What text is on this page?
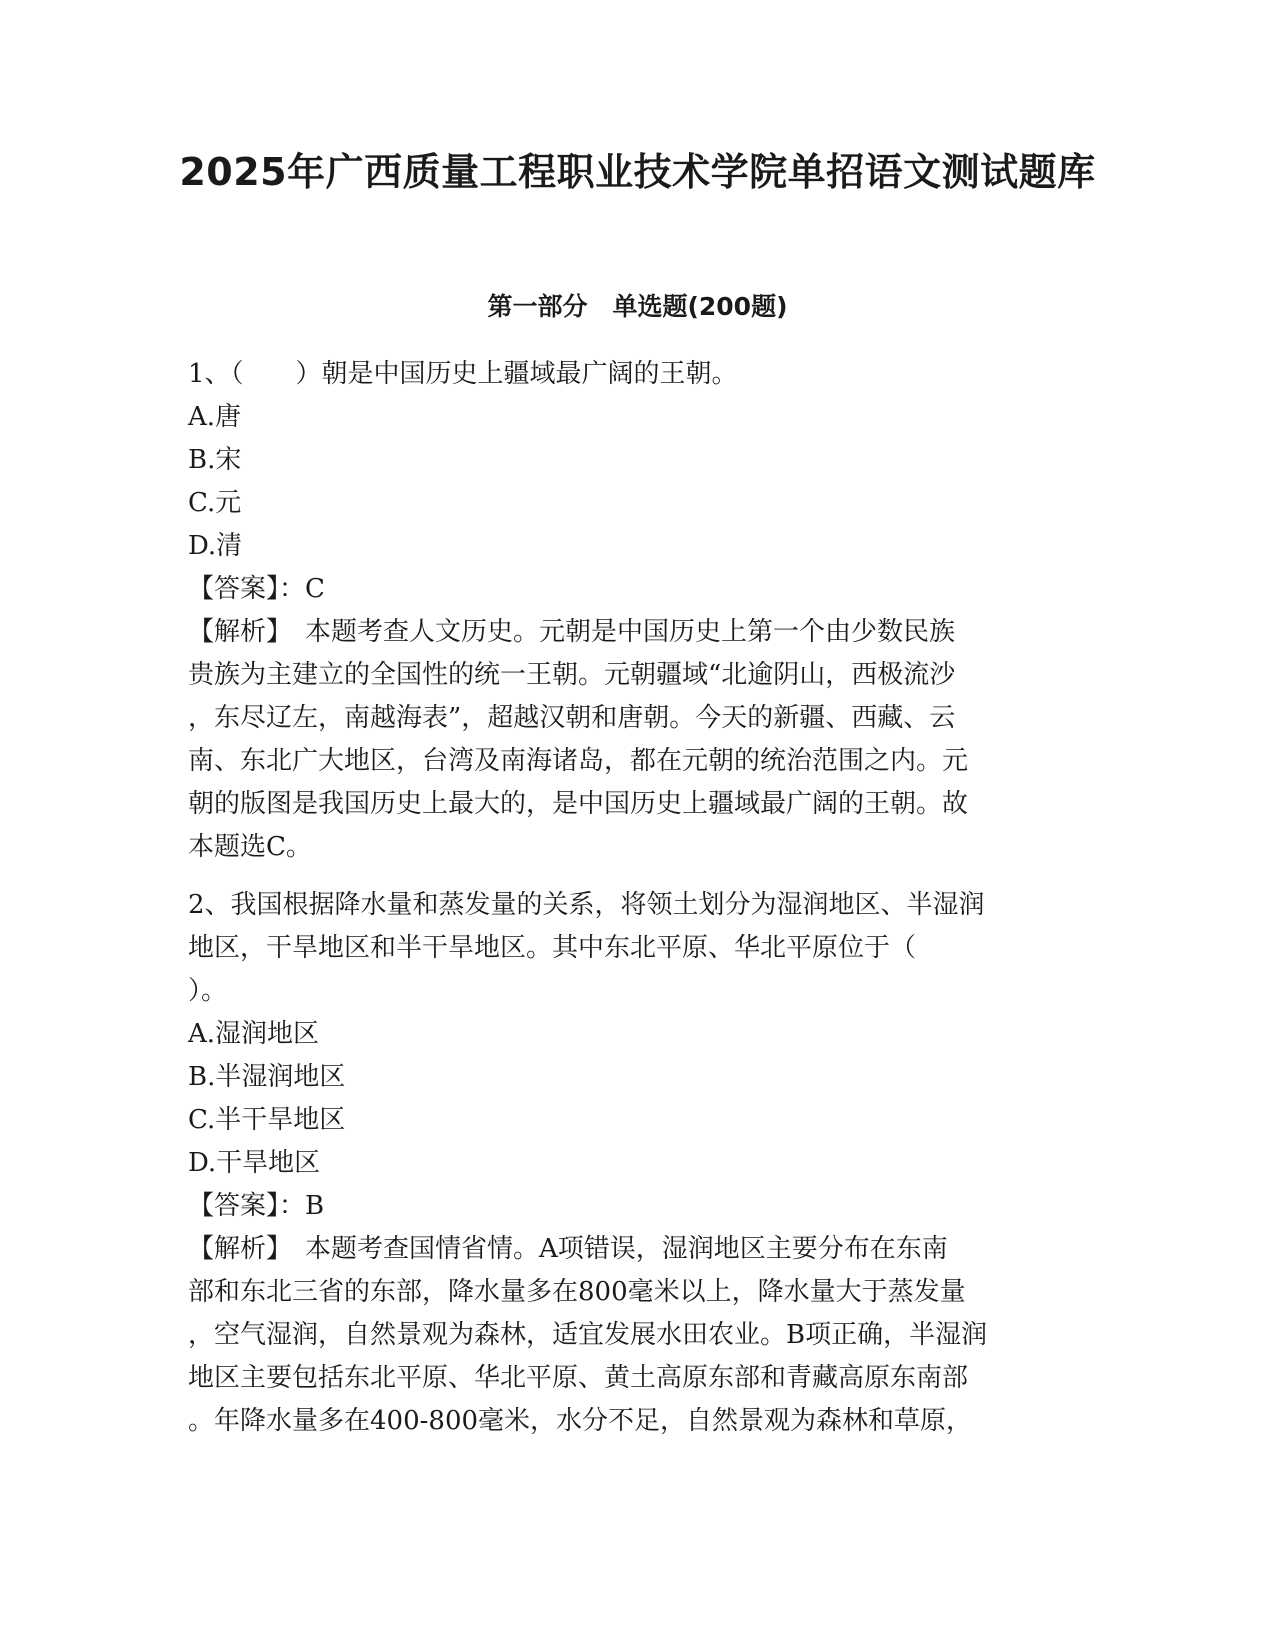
2025年广西质量工程职业技术学院单招语文测试题库
第一部分　单选题(200题)
1、（　　）朝是中国历史上疆域最广阔的王朝。
A.唐
B.宋
C.元
D.清
【答案】：C
【解析】　本题考查人文历史。元朝是中国历史上第一个由少数民族
贵族为主建立的全国性的统一王朝。元朝疆域“北逾阴山，西极流沙
，东尽辽左，南越海表”，超越汉朝和唐朝。今天的新疆、西藏、云
南、东北广大地区，台湾及南海诸岛，都在元朝的统治范围之内。元
朝的版图是我国历史上最大的，是中国历史上疆域最广阔的王朝。故
本题选C。
2、我国根据降水量和蒸发量的关系，将领土划分为湿润地区、半湿润
地区，干旱地区和半干旱地区。其中东北平原、华北平原位于（
）。
A.湿润地区
B.半湿润地区
C.半干旱地区
D.干旱地区
【答案】：B
【解析】　本题考查国情省情。A项错误，湿润地区主要分布在东南
部和东北三省的东部，降水量多在800毫米以上，降水量大于蒸发量
，空气湿润，自然景观为森林，适宜发展水田农业。B项正确，半湿润
地区主要包括东北平原、华北平原、黄土高原东部和青藏高原东南部
。年降水量多在400-800毫米，水分不足，自然景观为森林和草原，
